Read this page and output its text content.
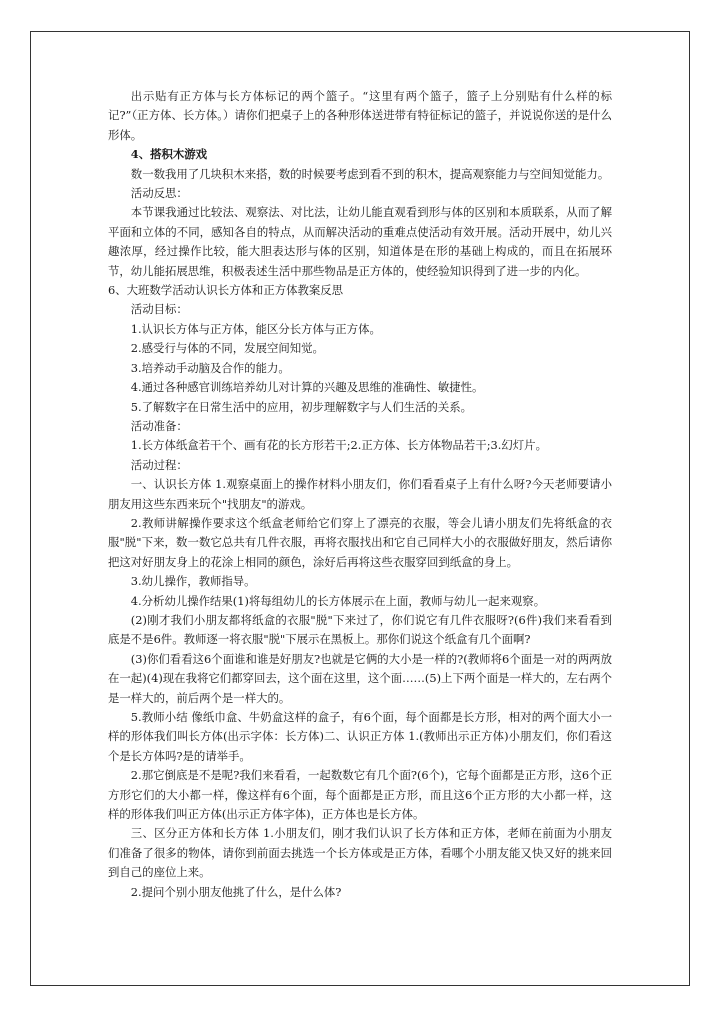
出示贴有正方体与长方体标记的两个篮子。“这里有两个篮子，篮子上分别贴有什么样的标记?”（正方体、长方体。）请你们把桌子上的各种形体送进带有特征标记的篮子，并说说你送的是什么形体。

4、搭积木游戏

数一数我用了几块积木来搭，数的时候要考虑到看不到的积木，提高观察能力与空间知觉能力。

活动反思：

本节课我通过比较法、观察法、对比法，让幼儿能直观看到形与体的区别和本质联系，从而了解平面和立体的不同，感知各自的特点，从而解决活动的重难点使活动有效开展。活动开展中，幼儿兴趣浓厚，经过操作比较，能大胆表达形与体的区别，知道体是在形的基础上构成的，而且在拓展环节，幼儿能拓展思维，积极表述生活中那些物品是正方体的，使经验知识得到了进一步的内化。

6、大班数学活动认识长方体和正方体教案反思

活动目标：

1.认识长方体与正方体，能区分长方体与正方体。

2.感受行与体的不同，发展空间知觉。

3.培养动手动脑及合作的能力。

4.通过各种感官训练培养幼儿对计算的兴趣及思维的准确性、敏捷性。

5.了解数字在日常生活中的应用，初步理解数字与人们生活的关系。

活动准备：

1.长方体纸盒若干个、画有花的长方形若干;2.正方体、长方体物品若干;3.幻灯片。

活动过程：

一、认识长方体 1.观察桌面上的操作材料小朋友们，你们看看桌子上有什么呀?今天老师要请小朋友用这些东西来玩个"找朋友"的游戏。

2.教师讲解操作要求这个纸盒老师给它们穿上了漂亮的衣服，等会儿请小朋友们先将纸盒的衣服"脱"下来，数一数它总共有几件衣服，再将衣服找出和它自己同样大小的衣服做好朋友，然后请你把这对好朋友身上的花涂上相同的颜色，涂好后再将这些衣服穿回到纸盒的身上。

3.幼儿操作，教师指导。

4.分析幼儿操作结果(1)将每组幼儿的长方体展示在上面，教师与幼儿一起来观察。

(2)刚才我们小朋友都将纸盒的衣服"脱"下来过了，你们说它有几件衣服呀?(6件)我们来看看到底是不是6件。教师逐一将衣服"脱"下展示在黑板上。那你们说这个纸盒有几个面啊?

(3)你们看看这6个面谁和谁是好朋友?也就是它俩的大小是一样的?(教师将6个面是一对的两两放在一起)(4)现在我将它们都穿回去，这个面在这里，这个面……(5)上下两个面是一样大的，左右两个是一样大的，前后两个是一样大的。

5.教师小结 像纸巾盒、牛奶盒这样的盒子，有6个面，每个面都是长方形，相对的两个面大小一样的形体我们叫长方体(出示字体：长方体)二、认识正方体 1.(教师出示正方体)小朋友们，你们看这个是长方体吗?是的请举手。

2.那它倒底是不是呢?我们来看看，一起数数它有几个面?(6个)，它每个面都是正方形，这6个正方形它们的大小都一样，像这样有6个面，每个面都是正方形，而且这6个正方形的大小都一样，这样的形体我们叫正方体(出示正方体字体)，正方体也是长方体。

三、区分正方体和长方体 1.小朋友们，刚才我们认识了长方体和正方体，老师在前面为小朋友们准备了很多的物体，请你到前面去挑选一个长方体或是正方体，看哪个小朋友能又快又好的挑来回到自己的座位上来。

2.提问个别小朋友他挑了什么，是什么体?
